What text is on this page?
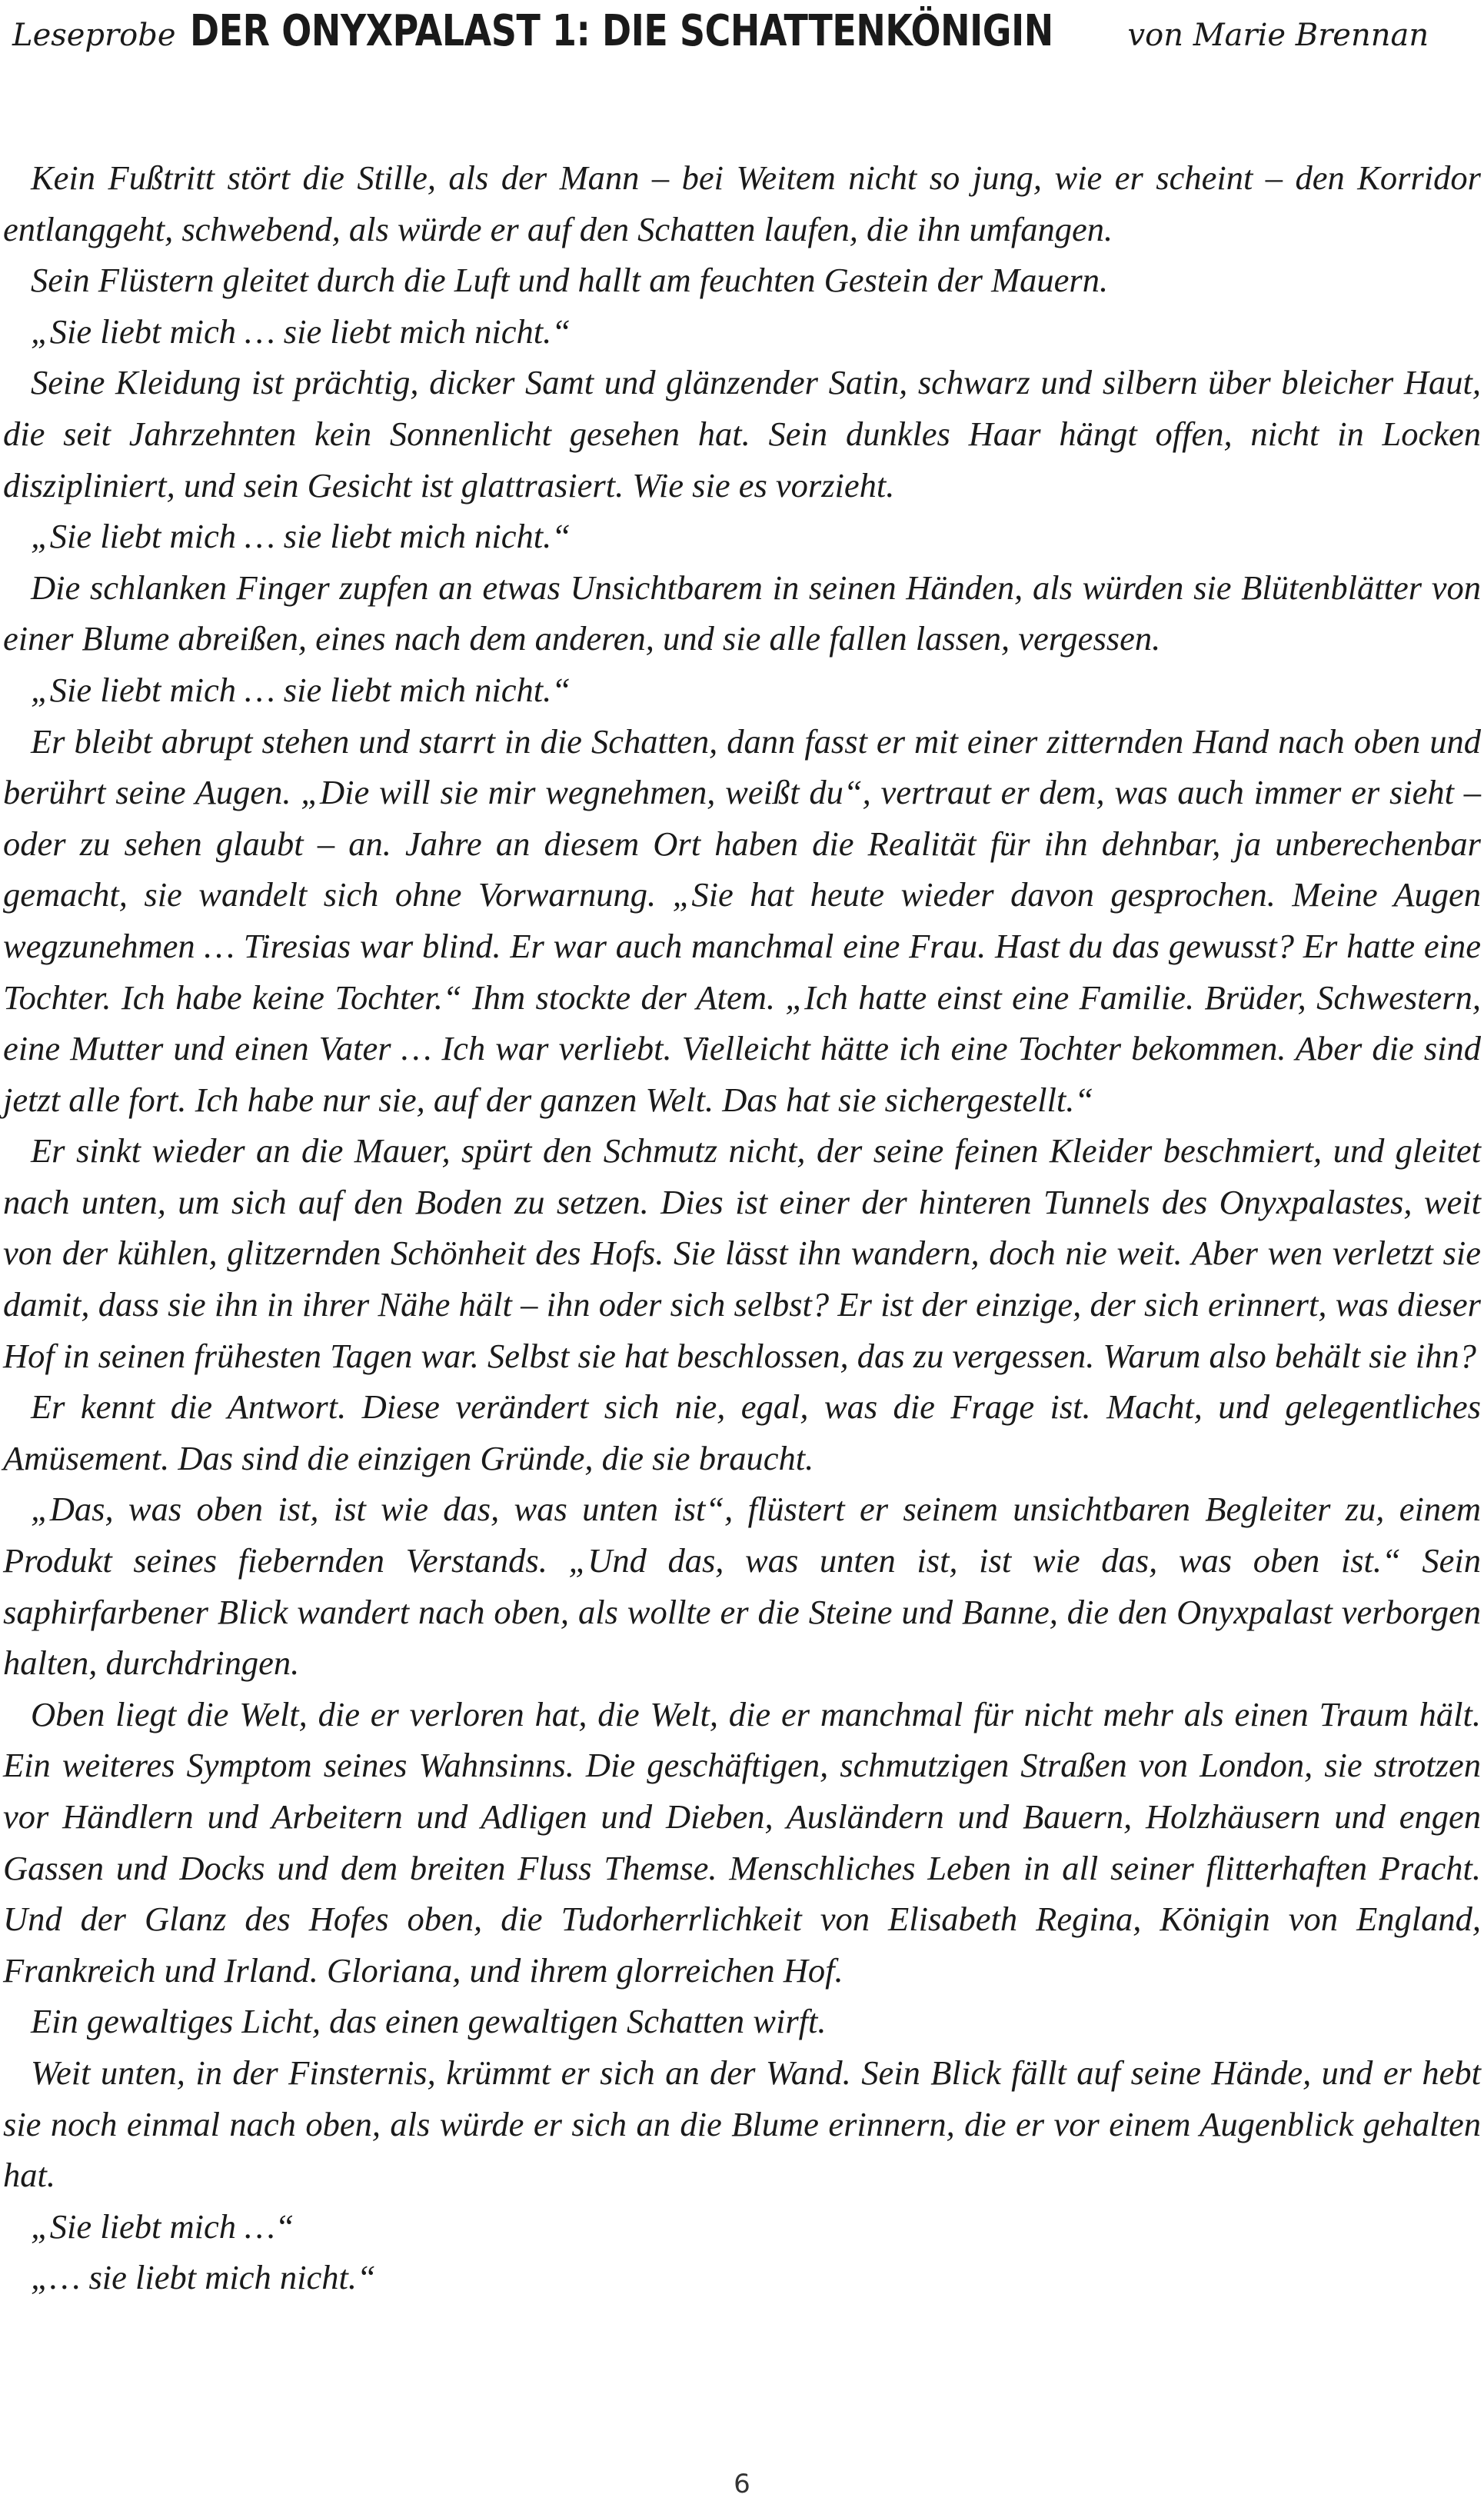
Leseprobe DER ONYXPALAST 1: DIE SCHATTENKÖNIGIN	von Marie Brennan

Kein Fußtritt stört die Stille, als der Mann – bei Weitem nicht so jung, wie er scheint – den Korridor entlanggeht, schwebend, als würde er auf den Schatten laufen, die ihn umfangen.

Sein Flüstern gleitet durch die Luft und hallt am feuchten Gestein der Mauern.

„Sie liebt mich … sie liebt mich nicht.“

Seine Kleidung ist prächtig, dicker Samt und glänzender Satin, schwarz und silbern über bleicher Haut, die seit Jahrzehnten kein Sonnenlicht gesehen hat. Sein dunkles Haar hängt offen, nicht in Locken diszipliniert, und sein Gesicht ist glattrasiert. Wie sie es vorzieht.

„Sie liebt mich … sie liebt mich nicht.“

Die schlanken Finger zupfen an etwas Unsichtbarem in seinen Händen, als würden sie Blütenblätter von einer Blume abreißen, eines nach dem anderen, und sie alle fallen lassen, vergessen.

„Sie liebt mich … sie liebt mich nicht.“

Er bleibt abrupt stehen und starrt in die Schatten, dann fasst er mit einer zitternden Hand nach oben und berührt seine Augen. „Die will sie mir wegnehmen, weißt du“, vertraut er dem, was auch immer er sieht – oder zu sehen glaubt – an. Jahre an diesem Ort haben die Realität für ihn dehnbar, ja unberechenbar gemacht, sie wandelt sich ohne Vorwarnung. „Sie hat heute wieder davon gesprochen. Meine Augen wegzunehmen … Tiresias war blind. Er war auch manchmal eine Frau. Hast du das gewusst? Er hatte eine Tochter. Ich habe keine Tochter.“ Ihm stockte der Atem. „Ich hatte einst eine Familie. Brüder, Schwestern, eine Mutter und einen Vater … Ich war verliebt. Vielleicht hätte ich eine Tochter bekommen. Aber die sind jetzt alle fort. Ich habe nur sie, auf der ganzen Welt. Das hat sie sichergestellt.“

Er sinkt wieder an die Mauer, spürt den Schmutz nicht, der seine feinen Kleider beschmiert, und gleitet nach unten, um sich auf den Boden zu setzen. Dies ist einer der hinteren Tunnels des Onyxpalastes, weit von der kühlen, glitzernden Schönheit des Hofs. Sie lässt ihn wandern, doch nie weit. Aber wen verletzt sie damit, dass sie ihn in ihrer Nähe hält – ihn oder sich selbst? Er ist der einzige, der sich erinnert, was dieser Hof in seinen frühesten Tagen war. Selbst sie hat beschlossen, das zu vergessen. Warum also behält sie ihn?

Er kennt die Antwort. Diese verändert sich nie, egal, was die Frage ist. Macht, und gelegentliches Amüsement. Das sind die einzigen Gründe, die sie braucht.

„Das, was oben ist, ist wie das, was unten ist“, flüstert er seinem unsichtbaren Begleiter zu, einem Produkt seines fiebernden Verstands. „Und das, was unten ist, ist wie das, was oben ist.“ Sein saphirfarbener Blick wandert nach oben, als wollte er die Steine und Banne, die den Onyxpalast verborgen halten, durchdringen.

Oben liegt die Welt, die er verloren hat, die Welt, die er manchmal für nicht mehr als einen Traum hält. Ein weiteres Symptom seines Wahnsinns. Die geschäftigen, schmutzigen Straßen von London, sie strotzen vor Händlern und Arbeitern und Adligen und Dieben, Ausländern und Bauern, Holzhäusern und engen Gassen und Docks und dem breiten Fluss Themse. Menschliches Leben in all seiner flitterhaften Pracht. Und der Glanz des Hofes oben, die Tudorherrlichkeit von Elisabeth Regina, Königin von England, Frankreich und Irland. Gloriana, und ihrem glorreichen Hof.

Ein gewaltiges Licht, das einen gewaltigen Schatten wirft.

Weit unten, in der Finsternis, krümmt er sich an der Wand. Sein Blick fällt auf seine Hände, und er hebt sie noch einmal nach oben, als würde er sich an die Blume erinnern, die er vor einem Augenblick gehalten hat.

„Sie liebt mich …“

„… sie liebt mich nicht.“

6
